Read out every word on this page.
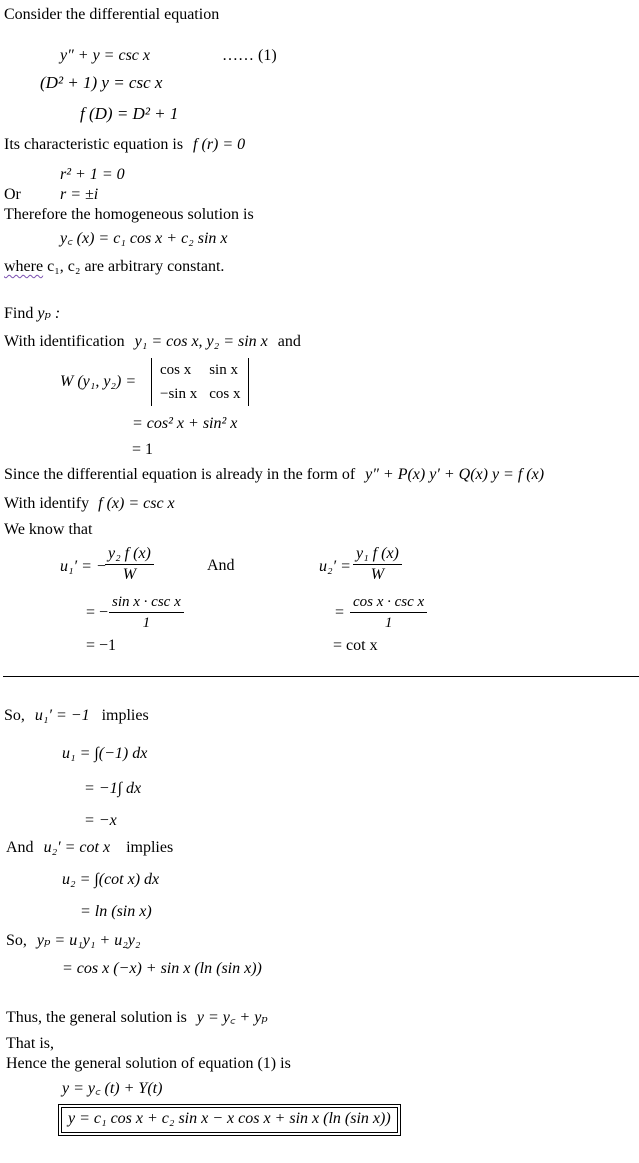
Consider the differential equation
y″ + y = csc x	…… (1)
(D² + 1) y = csc x
f (D) = D² + 1
Its characteristic equation is f (r) = 0
r² + 1 = 0
Or r = ±i
Therefore the homogeneous solution is
y꜀ (x) = c₁ cos x + c₂ sin x
where c₁, c₂ are arbitrary constant.
Find yₚ :
With identification y₁ = cos x, y₂ = sin x and
W (y₁, y₂) =
cos x	sin x
−sin x	cos x
= cos² x + sin² x
= 1
Since the differential equation is already in the form of y″ + P(x) y′ + Q(x) y = f (x)
With identify f (x) = csc x
We know that
u₁′ = −
$\frac{\text{y₂ f (x)}}{W}$
= −
sin x · csc x
1
= −1
And	$u_2' = \frac{\text{y₁ f (x)}}{W}$
=
cos x · csc x
1
= cot x
So, u₁′ = −1 implies
u₁ = ∫(−1) dx
= −1∫ dx
= −x
And u₂′ = cot x implies
u₂ = ∫(cot x) dx
= ln (sin x)
So, yₚ = u₁y₁ + u₂y₂
= cos x (−x) + sin x (ln (sin x))
Thus, the general solution is y = y꜀ + yₚ
That is,
Hence the general solution of equation (1) is
y = y꜀ (t) + Y(t)
y = c₁ cos x + c₂ sin x − x cos x + sin x (ln (sin x))
